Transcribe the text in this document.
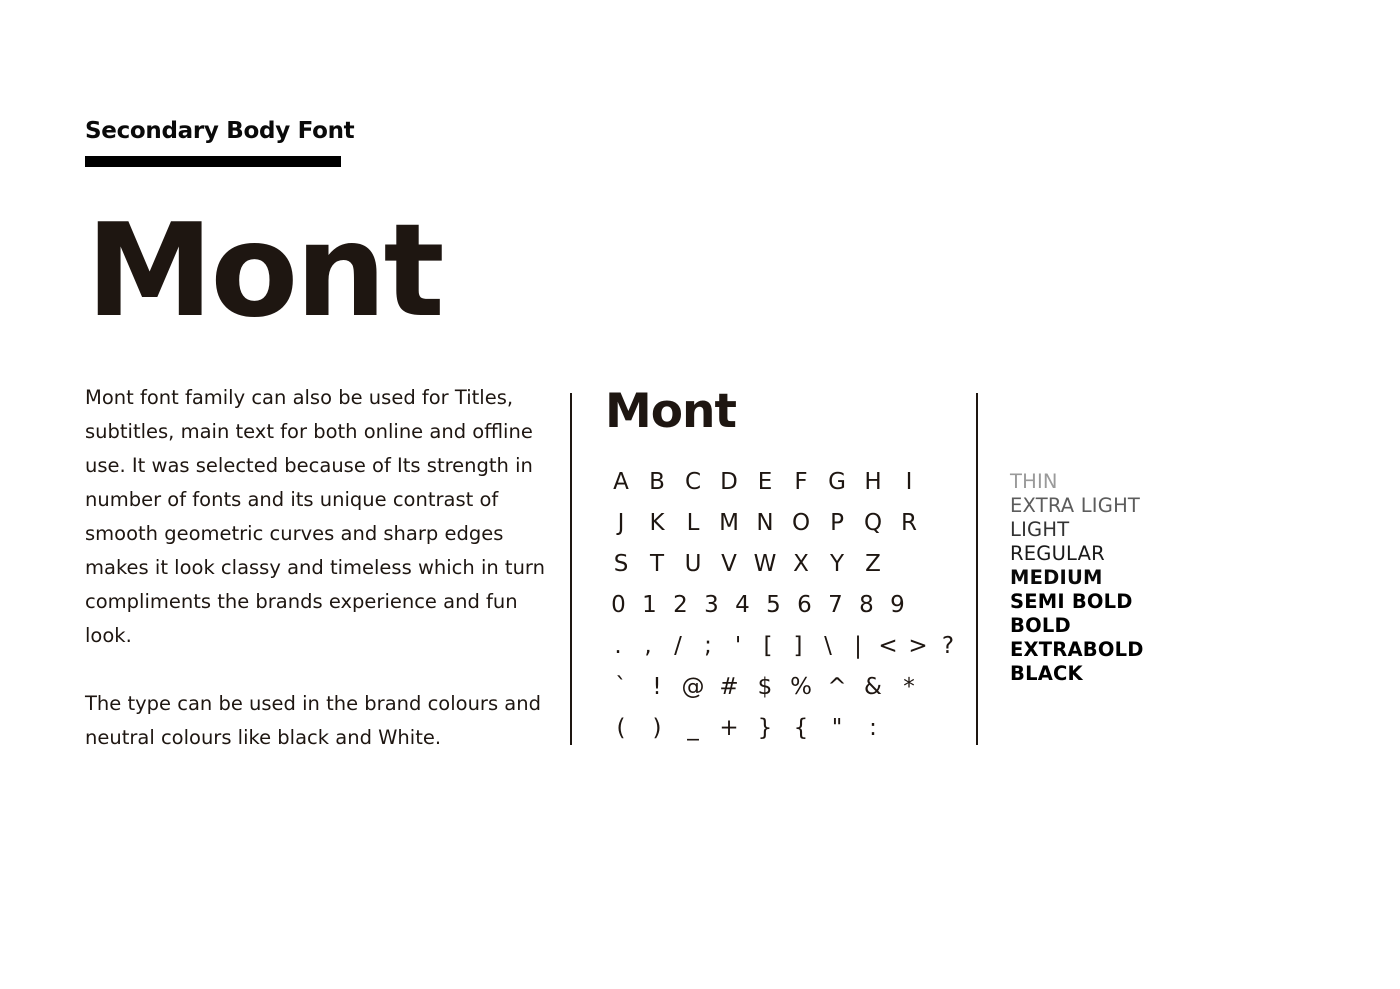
Secondary Body Font
Mont

Mont font family can also be used for Titles, subtitles, main text for both online and offline use. It was selected because of Its strength in number of fonts and its unique contrast of smooth geometric curves and sharp edges makes it look classy and timeless which in turn compliments the brands experience and fun look.

The type can be used in the brand colours and neutral colours like black and White.

Mont
A B C D E F G H	I
J	K L M N O P Q R
S T U V W X Y Z
0 1 2 3 4 5 6 7 8 9
. , / ; ' [ ] \ | < > ?
`	! @ # $ % ^ & *
(	)	_ + } {	"	:
THIN
EXTRA LIGHT
LIGHT
REGULAR
MEDIUM
SEMI BOLD
BOLD
EXTRABOLD
BLACK
